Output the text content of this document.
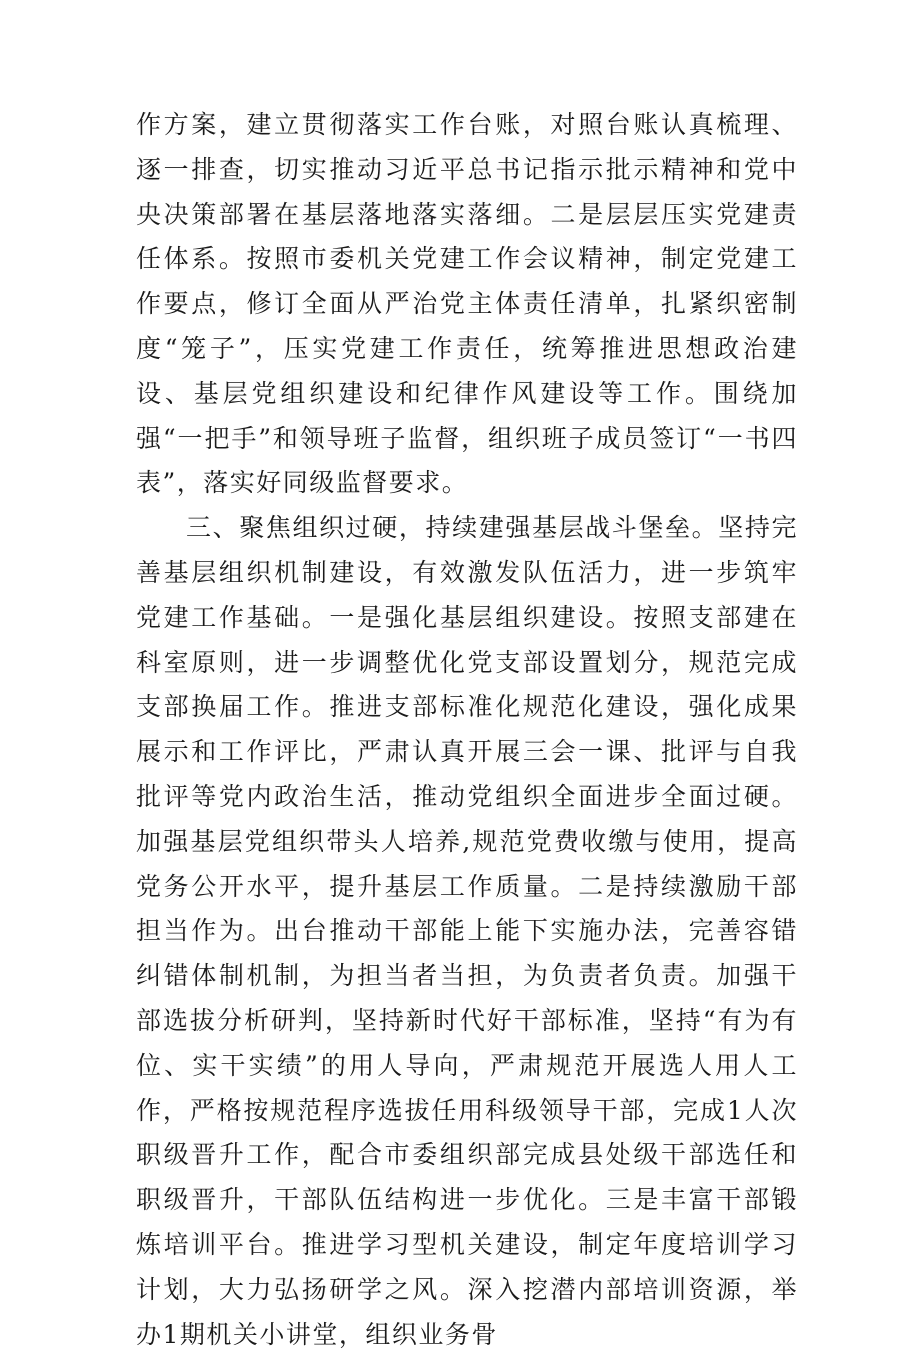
作方案，建立贯彻落实工作台账，对照台账认真梳理、逐一排查，切实推动习近平总书记指示批示精神和党中央决策部署在基层落地落实落细。二是层层压实党建责任体系。按照市委机关党建工作会议精神，制定党建工作要点，修订全面从严治党主体责任清单，扎紧织密制度“笼子”，压实党建工作责任，统筹推进思想政治建设、基层党组织建设和纪律作风建设等工作。围绕加强“一把手”和领导班子监督，组织班子成员签订“一书四表”，落实好同级监督要求。

三、聚焦组织过硬，持续建强基层战斗堡垒。坚持完善基层组织机制建设，有效激发队伍活力，进一步筑牢党建工作基础。一是强化基层组织建设。按照支部建在科室原则，进一步调整优化党支部设置划分，规范完成支部换届工作。推进支部标准化规范化建设，强化成果展示和工作评比，严肃认真开展三会一课、批评与自我批评等党内政治生活，推动党组织全面进步全面过硬。加强基层党组织带头人培养,规范党费收缴与使用，提高党务公开水平，提升基层工作质量。二是持续激励干部担当作为。出台推动干部能上能下实施办法，完善容错纠错体制机制，为担当者当担，为负责者负责。加强干部选拔分析研判，坚持新时代好干部标准，坚持“有为有位、实干实绩”的用人导向，严肃规范开展选人用人工作，严格按规范程序选拔任用科级领导干部，完成1人次职级晋升工作，配合市委组织部完成县处级干部选任和职级晋升，干部队伍结构进一步优化。三是丰富干部锻炼培训平台。推进学习型机关建设，制定年度培训学习计划，大力弘扬研学之风。深入挖潜内部培训资源，举办1期机关小讲堂，组织业务骨
